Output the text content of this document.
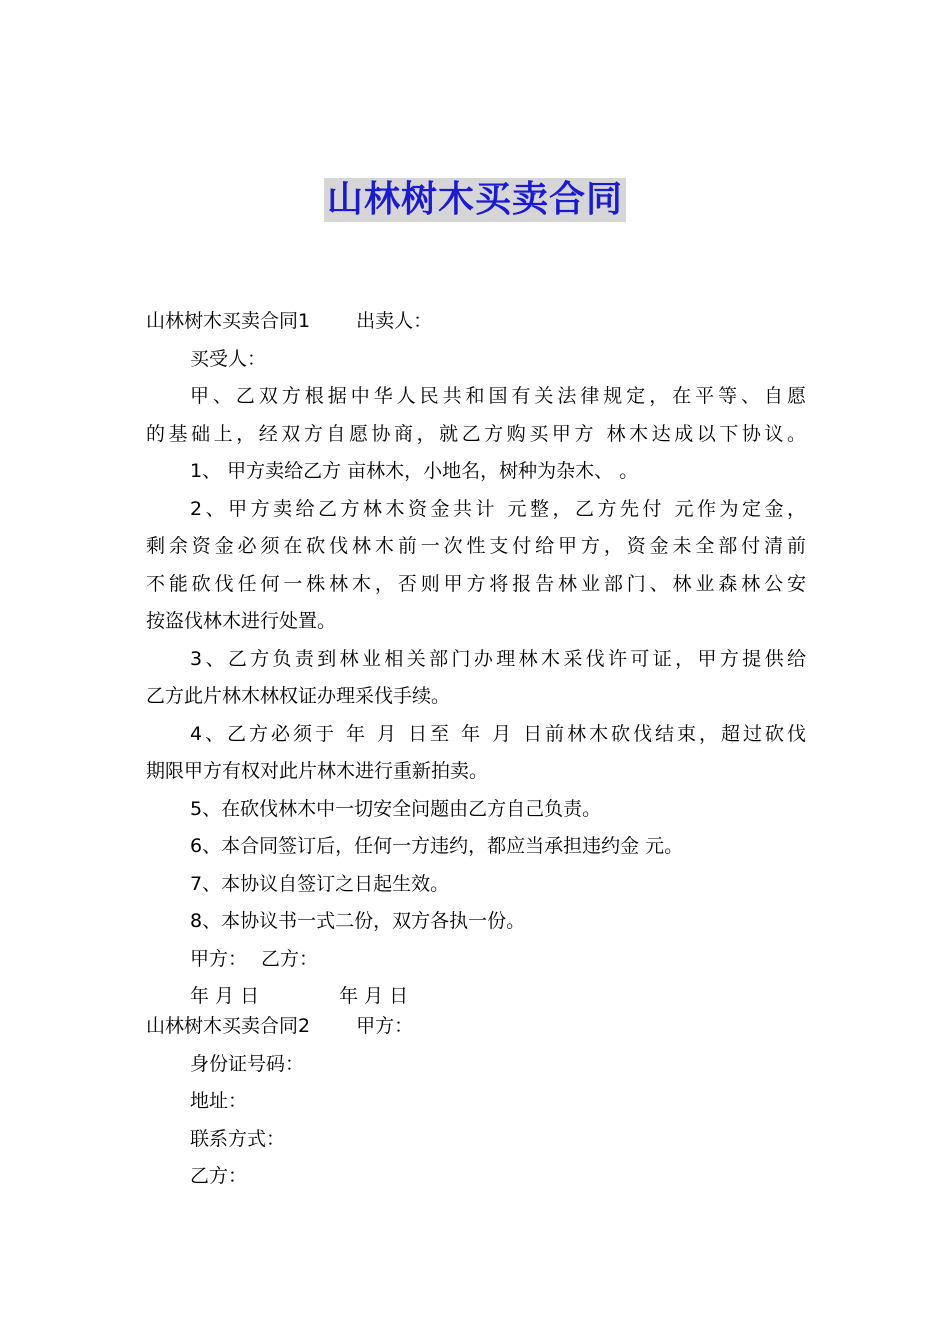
山林树木买卖合同
山林树木买卖合同1 出卖人：
买受人：
甲、乙双方根据中华人民共和国有关法律规定，在平等、自愿
的基础上，经双方自愿协商，就乙方购买甲方 林木达成以下协议。
1、 甲方卖给乙方 亩林木，小地名，树种为杂木、 。
2、甲方卖给乙方林木资金共计 元整，乙方先付 元作为定金，
剩余资金必须在砍伐林木前一次性支付给甲方，资金未全部付清前
不能砍伐任何一株林木，否则甲方将报告林业部门、林业森林公安
按盗伐林木进行处置。
3、乙方负责到林业相关部门办理林木采伐许可证，甲方提供给
乙方此片林木林权证办理采伐手续。
4、乙方必须于 年 月 日至 年 月 日前林木砍伐结束，超过砍伐
期限甲方有权对此片林木进行重新拍卖。
5、在砍伐林木中一切安全问题由乙方自己负责。
6、本合同签订后，任何一方违约，都应当承担违约金 元。
7、本协议自签订之日起生效。
8、本协议书一式二份，双方各执一份。
甲方： 乙方：
年 月 日	年 月 日
山林树木买卖合同2 甲方：
身份证号码：
地址：
联系方式：
乙方：
